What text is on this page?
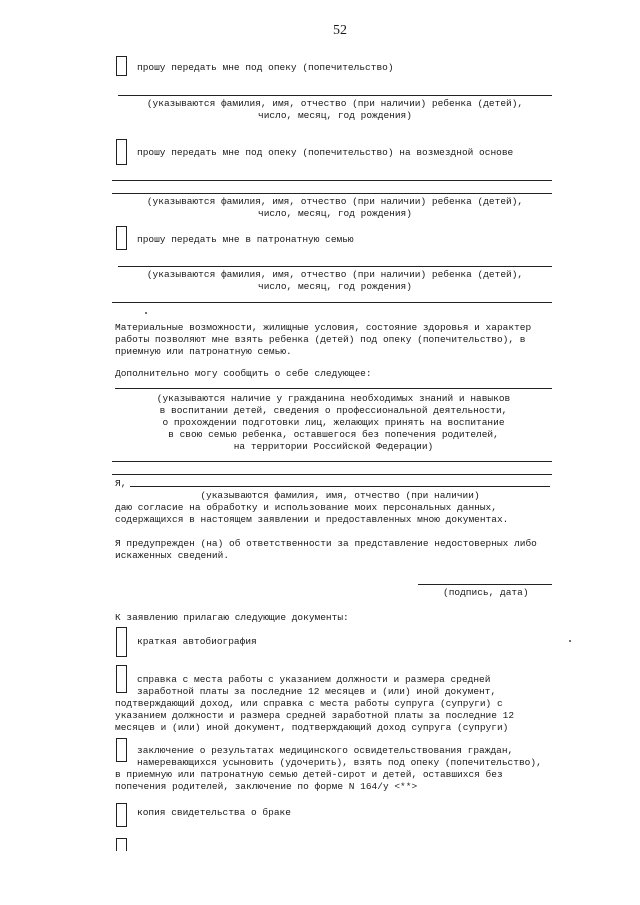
52
прошу передать мне под опеку (попечительство)
(указываются фамилия, имя, отчество (при наличии) ребенка (детей),
число, месяц, год рождения)
прошу передать мне под опеку (попечительство) на возмездной основе
(указываются фамилия, имя, отчество (при наличии) ребенка (детей),
число, месяц, год рождения)
прошу передать мне в патронатную семью
(указываются фамилия, имя, отчество (при наличии) ребенка (детей),
число, месяц, год рождения)
Материальные возможности, жилищные условия, состояние здоровья и характер
работы позволяют мне взять ребенка (детей) под опеку (попечительство), в
приемную или патронатную семью.
Дополнительно могу сообщить о себе следующее:
(указываются наличие у гражданина необходимых знаний и навыков
в воспитании детей, сведения о профессиональной деятельности,
о прохождении подготовки лиц, желающих принять на воспитание
в свою семью ребенка, оставшегося без попечения родителей,
на территории Российской Федерации)
Я,
(указываются фамилия, имя, отчество (при наличии)
даю согласие на обработку и использование моих персональных данных,
содержащихся в настоящем заявлении и предоставленных мною документах.
Я предупрежден (на) об ответственности за представление недостоверных либо
искаженных сведений.
(подпись, дата)
К заявлению прилагаю следующие документы:
краткая автобиография
справка с места работы с указанием должности и размера средней
заработной платы за последние 12 месяцев и (или) иной документ,
подтверждающий доход, или справка с места работы супруга (супруги) с
указанием должности и размера средней заработной платы за последние 12
месяцев и (или) иной документ, подтверждающий доход супруга (супруги)
заключение о результатах медицинского освидетельствования граждан,
намеревающихся усыновить (удочерить), взять под опеку (попечительство),
в приемную или патронатную семью детей-сирот и детей, оставшихся без
попечения родителей, заключение по форме N 164/у <**>
копия свидетельства о браке
